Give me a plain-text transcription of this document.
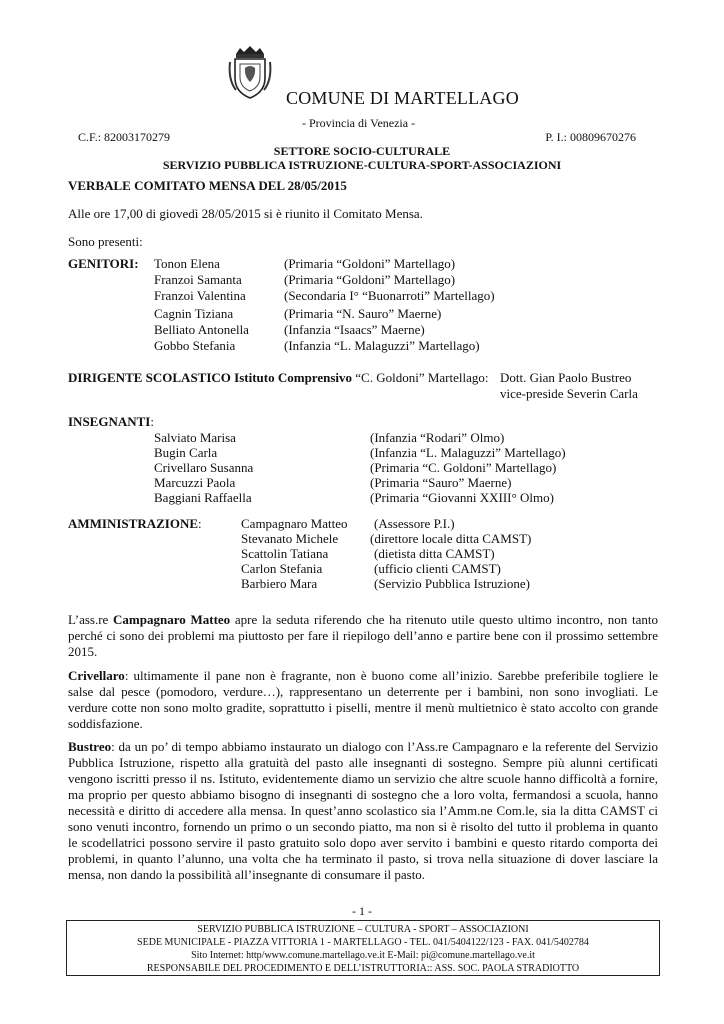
COMUNE DI MARTELLAGO
- Provincia di Venezia -
C.F.: 82003170279	P. I.: 00809670276
SETTORE SOCIO-CULTURALE
SERVIZIO PUBBLICA ISTRUZIONE-CULTURA-SPORT-ASSOCIAZIONI
VERBALE COMITATO MENSA DEL 28/05/2015
Alle ore 17,00 di giovedì 28/05/2015 si è riunito il Comitato Mensa.
Sono presenti:
GENITORI: Tonon Elena	(Primaria “Goldoni” Martellago)
Franzoi Samanta	(Primaria “Goldoni” Martellago)
Franzoi Valentina	(Secondaria I° “Buonarroti” Martellago)
Cagnin Tiziana	(Primaria “N. Sauro” Maerne)
Belliato Antonella	(Infanzia “Isaacs” Maerne)
Gobbo Stefania	(Infanzia “L. Malaguzzi” Martellago)
DIRIGENTE SCOLASTICO Istituto Comprensivo “C. Goldoni” Martellago: Dott. Gian Paolo Bustreo
vice-preside Severin Carla
INSEGNANTI:
Salviato Marisa	(Infanzia “Rodari” Olmo)
Bugin Carla	(Infanzia “L. Malaguzzi” Martellago)
Crivellaro Susanna	(Primaria “C. Goldoni” Martellago)
Marcuzzi Paola	(Primaria “Sauro” Maerne)
Baggiani Raffaella	(Primaria “Giovanni XXIII° Olmo)
AMMINISTRAZIONE:	Campagnaro Matteo (Assessore P.I.)
Stevanato Michele (direttore locale ditta CAMST)
Scattolin Tatiana	(dietista ditta CAMST)
Carlon Stefania	(ufficio clienti CAMST)
Barbiero Mara	(Servizio Pubblica Istruzione)
L’ass.re Campagnaro Matteo apre la seduta riferendo che ha ritenuto utile questo ultimo incontro, non tanto perché ci sono dei problemi ma piuttosto per fare il riepilogo dell’anno e partire bene con il prossimo settembre 2015.
Crivellaro: ultimamente il pane non è fragrante, non è buono come all’inizio. Sarebbe preferibile togliere le salse dal pesce (pomodoro, verdure…), rappresentano un deterrente per i bambini, non sono invogliati. Le verdure cotte non sono molto gradite, soprattutto i piselli, mentre il menù multietnico è stato accolto con grande soddisfazione.
Bustreo: da un po’ di tempo abbiamo instaurato un dialogo con l’Ass.re Campagnaro e la referente del Servizio Pubblica Istruzione, rispetto alla gratuità del pasto alle insegnanti di sostegno. Sempre più alunni certificati vengono iscritti presso il ns. Istituto, evidentemente diamo un servizio che altre scuole hanno difficoltà a fornire, ma proprio per questo abbiamo bisogno di insegnanti di sostegno che a loro volta, fermandosi a scuola, hanno necessità e diritto di accedere alla mensa. In quest’anno scolastico sia l’Amm.ne Com.le, sia la ditta CAMST ci sono venuti incontro, fornendo un primo o un secondo piatto, ma non si è risolto del tutto il problema in quanto le scodellatrici possono servire il pasto gratuito solo dopo aver servito i bambini e questo ritardo comporta dei problemi, in quanto l’alunno, una volta che ha terminato il pasto, si trova nella situazione di dover lasciare la mensa, non dando la possibilità all’insegnante di consumare il pasto.
- 1 -
SERVIZIO PUBBLICA ISTRUZIONE – CULTURA - SPORT – ASSOCIAZIONI
SEDE MUNICIPALE - PIAZZA VITTORIA 1 - MARTELLAGO - TEL. 041/5404122/123 - FAX. 041/5402784
Sito Internet: http/www.comune.martellago.ve.it E-Mail: pi@comune.martellago.ve.it
RESPONSABILE DEL PROCEDIMENTO E DELL’ISTRUTTORIA:: ASS. SOC. PAOLA STRADIOTTO
